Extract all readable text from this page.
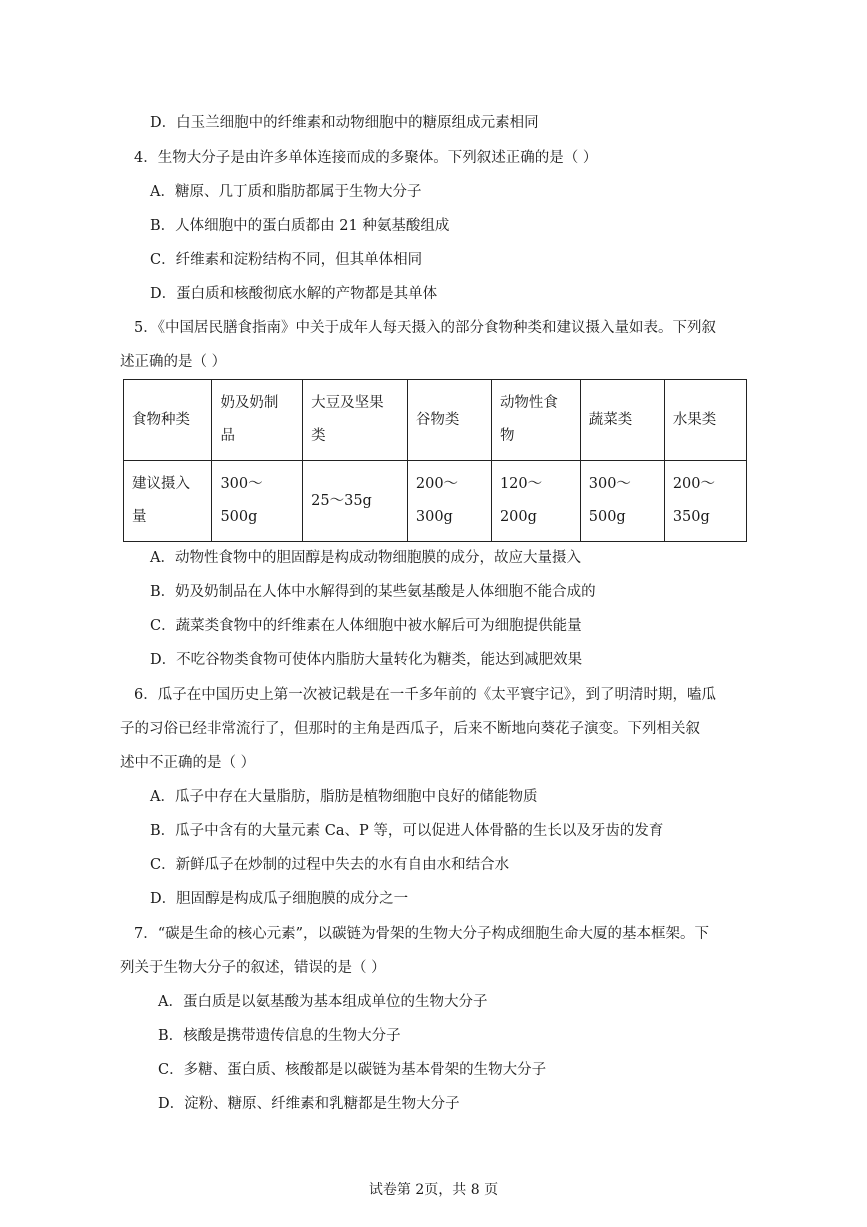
D．白玉兰细胞中的纤维素和动物细胞中的糖原组成元素相同
4．生物大分子是由许多单体连接而成的多聚体。下列叙述正确的是（ ）
A．糖原、几丁质和脂肪都属于生物大分子
B．人体细胞中的蛋白质都由 21 种氨基酸组成
C．纤维素和淀粉结构不同，但其单体相同
D．蛋白质和核酸彻底水解的产物都是其单体
5．《中国居民膳食指南》中关于成年人每天摄入的部分食物种类和建议摄入量如表。下列叙
述正确的是（ ）
食物种类	奶及奶制品	大豆及坚果类	谷物类	动物性食物	蔬菜类	水果类

建议摄入量	300～500g	25～35g	200～300g	120～200g	300～500g	200～350g
A．动物性食物中的胆固醇是构成动物细胞膜的成分，故应大量摄入
B．奶及奶制品在人体中水解得到的某些氨基酸是人体细胞不能合成的
C．蔬菜类食物中的纤维素在人体细胞中被水解后可为细胞提供能量
D．不吃谷物类食物可使体内脂肪大量转化为糖类，能达到减肥效果
6．瓜子在中国历史上第一次被记载是在一千多年前的《太平寰宇记》，到了明清时期，嗑瓜
子的习俗已经非常流行了，但那时的主角是西瓜子，后来不断地向葵花子演变。下列相关叙
述中不正确的是（ ）
A．瓜子中存在大量脂肪，脂肪是植物细胞中良好的储能物质
B．瓜子中含有的大量元素 Ca、P 等，可以促进人体骨骼的生长以及牙齿的发育
C．新鲜瓜子在炒制的过程中失去的水有自由水和结合水
D．胆固醇是构成瓜子细胞膜的成分之一
7．“碳是生命的核心元素”，以碳链为骨架的生物大分子构成细胞生命大厦的基本框架。下
列关于生物大分子的叙述，错误的是（ ）
A．蛋白质是以氨基酸为基本组成单位的生物大分子
B．核酸是携带遗传信息的生物大分子
C．多糖、蛋白质、核酸都是以碳链为基本骨架的生物大分子
D．淀粉、糖原、纤维素和乳糖都是生物大分子
试卷第 2页，共 8 页
